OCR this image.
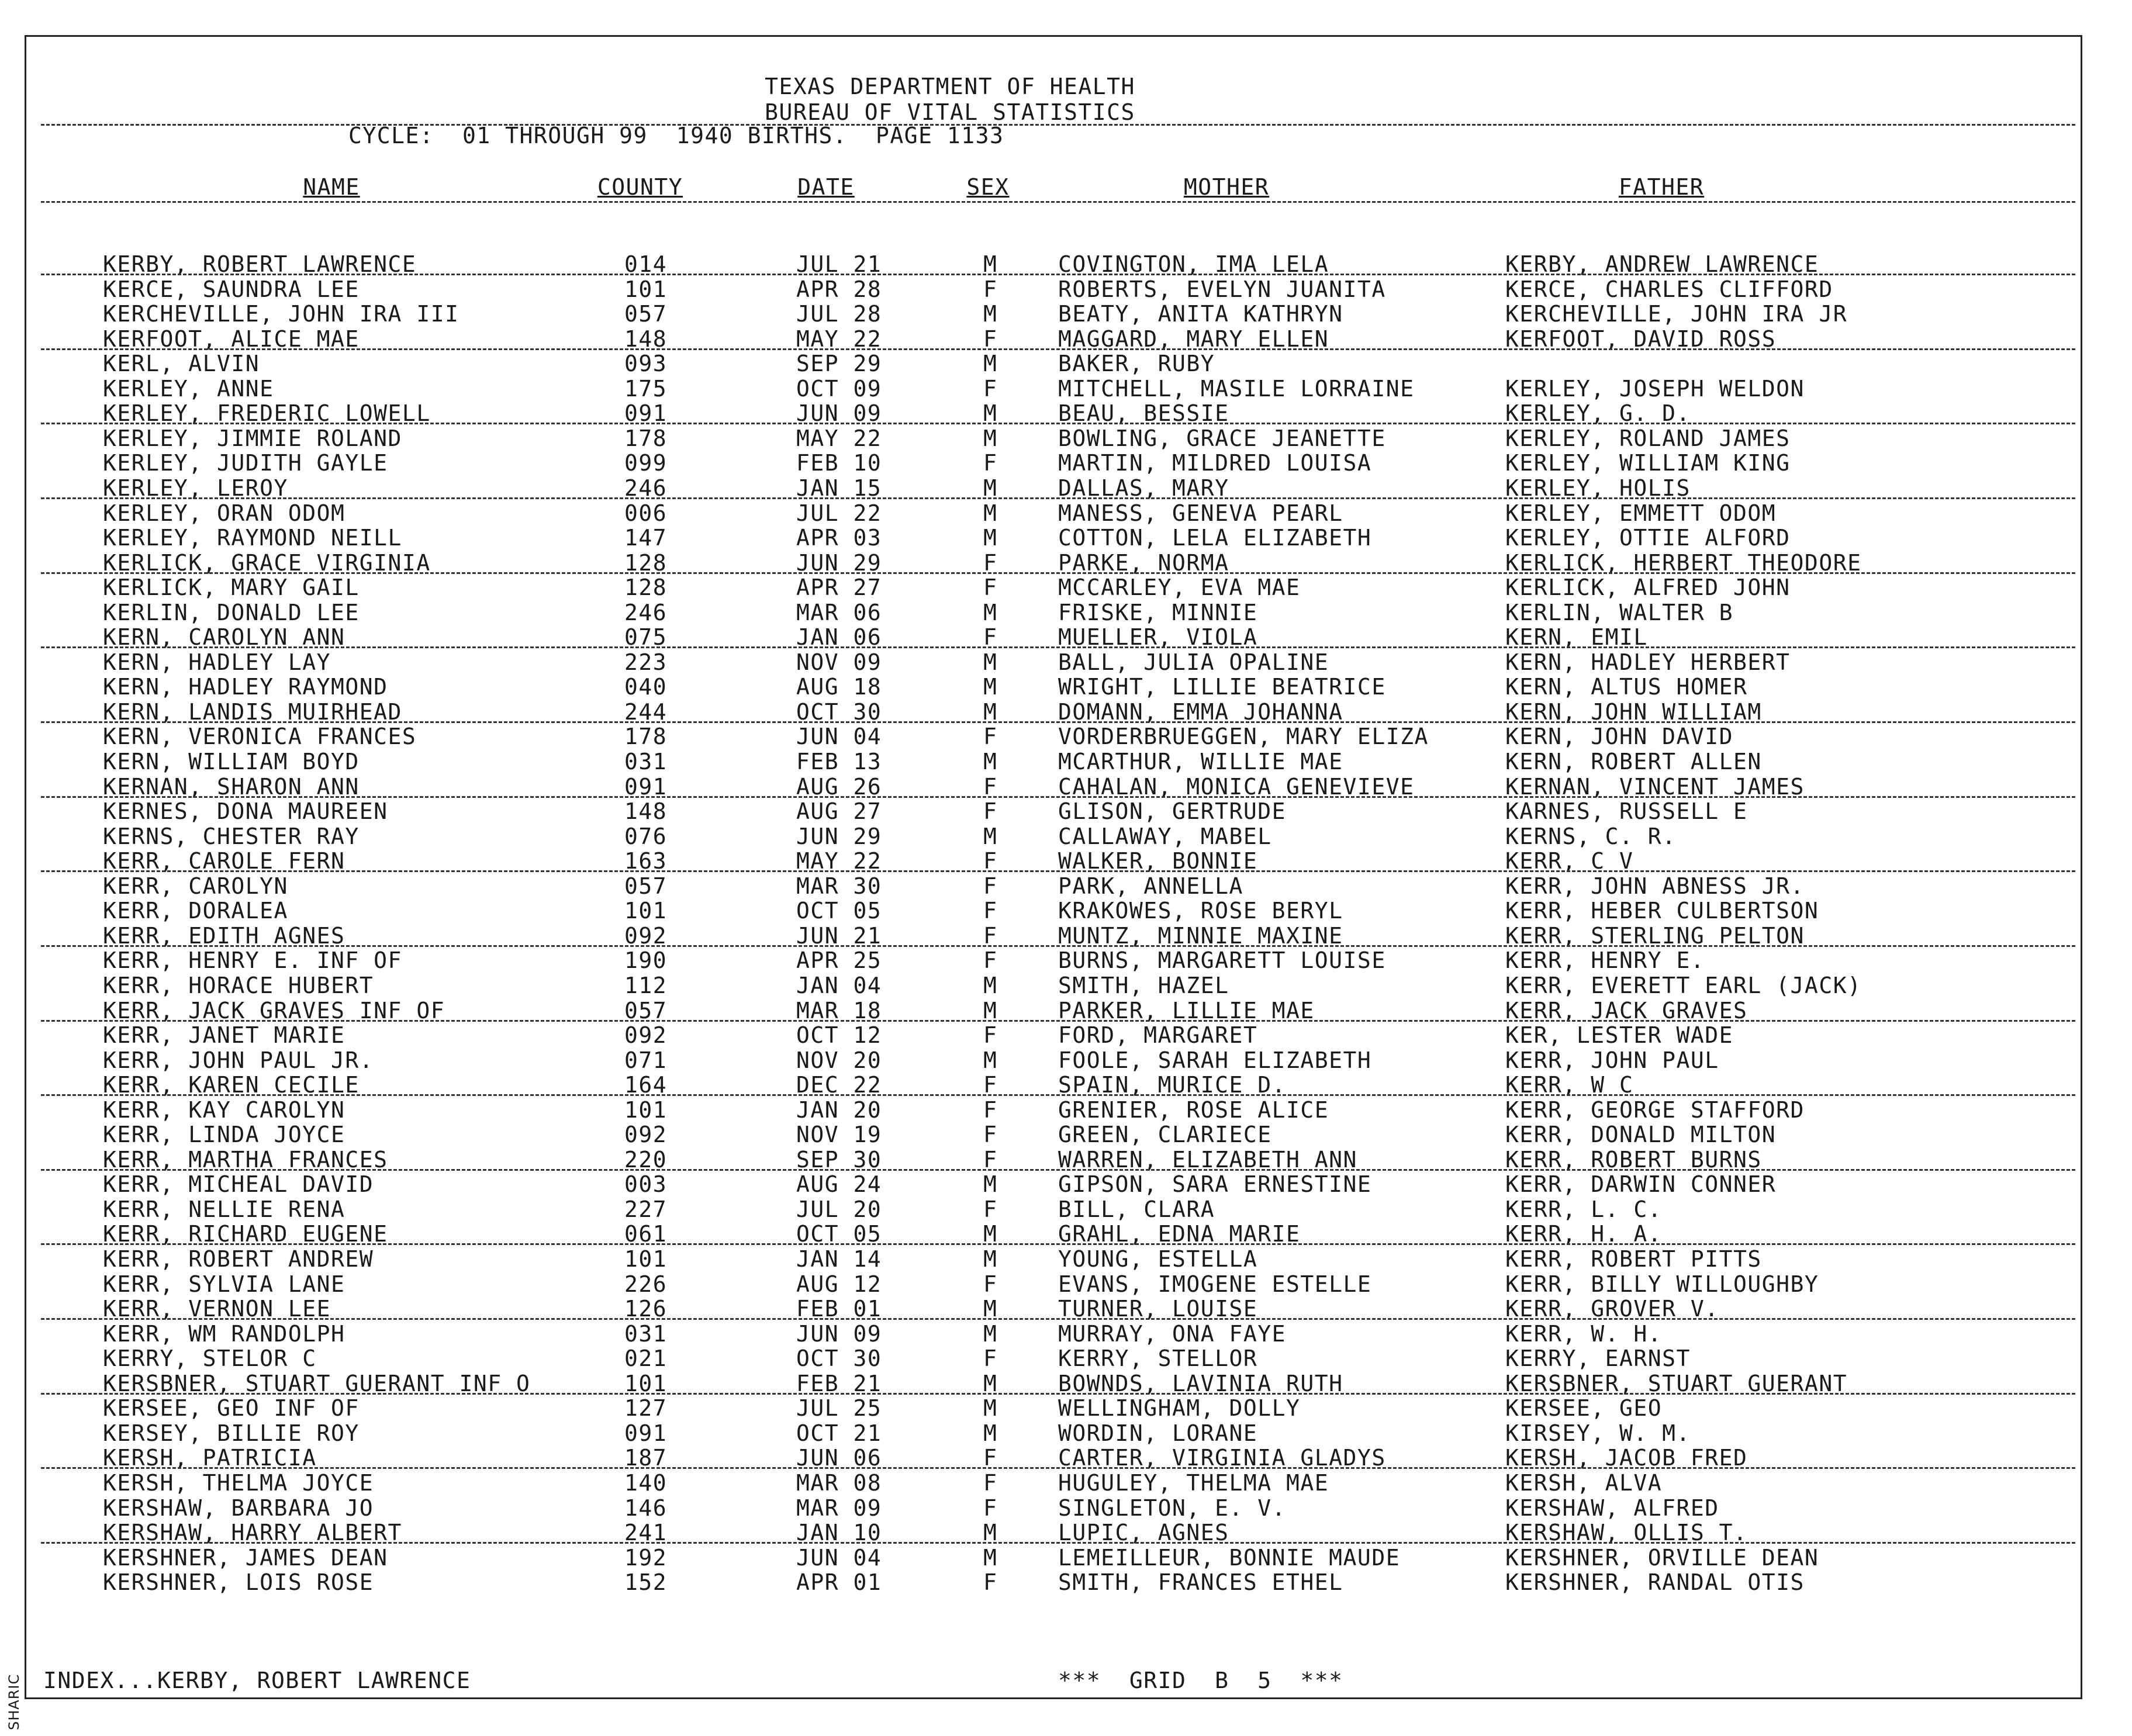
TEXAS DEPARTMENT OF HEALTH
BUREAU OF VITAL STATISTICS
CYCLE:  01 THROUGH 99  1940 BIRTHS.  PAGE 1133
NAME	COUNTY	DATE	SEX	MOTHER	FATHER
KERBY, ROBERT LAWRENCE	014	JUL 21	M	COVINGTON, IMA LELA	KERBY, ANDREW LAWRENCE
KERCE, SAUNDRA LEE	101	APR 28	F	ROBERTS, EVELYN JUANITA	KERCE, CHARLES CLIFFORD
KERCHEVILLE, JOHN IRA III	057	JUL 28	M	BEATY, ANITA KATHRYN	KERCHEVILLE, JOHN IRA JR
KERFOOT, ALICE MAE	148	MAY 22	F	MAGGARD, MARY ELLEN	KERFOOT, DAVID ROSS
KERL, ALVIN	093	SEP 29	M	BAKER, RUBY
KERLEY, ANNE	175	OCT 09	F	MITCHELL, MASILE LORRAINE	KERLEY, JOSEPH WELDON
KERLEY, FREDERIC LOWELL	091	JUN 09	M	BEAU, BESSIE	KERLEY, G. D.
KERLEY, JIMMIE ROLAND	178	MAY 22	M	BOWLING, GRACE JEANETTE	KERLEY, ROLAND JAMES
KERLEY, JUDITH GAYLE	099	FEB 10	F	MARTIN, MILDRED LOUISA	KERLEY, WILLIAM KING
KERLEY, LEROY	246	JAN 15	M	DALLAS, MARY	KERLEY, HOLIS
KERLEY, ORAN ODOM	006	JUL 22	M	MANESS, GENEVA PEARL	KERLEY, EMMETT ODOM
KERLEY, RAYMOND NEILL	147	APR 03	M	COTTON, LELA ELIZABETH	KERLEY, OTTIE ALFORD
KERLICK, GRACE VIRGINIA	128	JUN 29	F	PARKE, NORMA	KERLICK, HERBERT THEODORE
KERLICK, MARY GAIL	128	APR 27	F	MCCARLEY, EVA MAE	KERLICK, ALFRED JOHN
KERLIN, DONALD LEE	246	MAR 06	M	FRISKE, MINNIE	KERLIN, WALTER B
KERN, CAROLYN ANN	075	JAN 06	F	MUELLER, VIOLA	KERN, EMIL
KERN, HADLEY LAY	223	NOV 09	M	BALL, JULIA OPALINE	KERN, HADLEY HERBERT
KERN, HADLEY RAYMOND	040	AUG 18	M	WRIGHT, LILLIE BEATRICE	KERN, ALTUS HOMER
KERN, LANDIS MUIRHEAD	244	OCT 30	M	DOMANN, EMMA JOHANNA	KERN, JOHN WILLIAM
KERN, VERONICA FRANCES	178	JUN 04	F	VORDERBRUEGGEN, MARY ELIZA	KERN, JOHN DAVID
KERN, WILLIAM BOYD	031	FEB 13	M	MCARTHUR, WILLIE MAE	KERN, ROBERT ALLEN
KERNAN, SHARON ANN	091	AUG 26	F	CAHALAN, MONICA GENEVIEVE	KERNAN, VINCENT JAMES
KERNES, DONA MAUREEN	148	AUG 27	F	GLISON, GERTRUDE	KARNES, RUSSELL E
KERNS, CHESTER RAY	076	JUN 29	M	CALLAWAY, MABEL	KERNS, C. R.
KERR, CAROLE FERN	163	MAY 22	F	WALKER, BONNIE	KERR, C V
KERR, CAROLYN	057	MAR 30	F	PARK, ANNELLA	KERR, JOHN ABNESS JR.
KERR, DORALEA	101	OCT 05	F	KRAKOWES, ROSE BERYL	KERR, HEBER CULBERTSON
KERR, EDITH AGNES	092	JUN 21	F	MUNTZ, MINNIE MAXINE	KERR, STERLING PELTON
KERR, HENRY E. INF OF	190	APR 25	F	BURNS, MARGARETT LOUISE	KERR, HENRY E.
KERR, HORACE HUBERT	112	JAN 04	M	SMITH, HAZEL	KERR, EVERETT EARL (JACK)
KERR, JACK GRAVES INF OF	057	MAR 18	M	PARKER, LILLIE MAE	KERR, JACK GRAVES
KERR, JANET MARIE	092	OCT 12	F	FORD, MARGARET	KER, LESTER WADE
KERR, JOHN PAUL JR.	071	NOV 20	M	FOOLE, SARAH ELIZABETH	KERR, JOHN PAUL
KERR, KAREN CECILE	164	DEC 22	F	SPAIN, MURICE D.	KERR, W C
KERR, KAY CAROLYN	101	JAN 20	F	GRENIER, ROSE ALICE	KERR, GEORGE STAFFORD
KERR, LINDA JOYCE	092	NOV 19	F	GREEN, CLARIECE	KERR, DONALD MILTON
KERR, MARTHA FRANCES	220	SEP 30	F	WARREN, ELIZABETH ANN	KERR, ROBERT BURNS
KERR, MICHEAL DAVID	003	AUG 24	M	GIPSON, SARA ERNESTINE	KERR, DARWIN CONNER
KERR, NELLIE RENA	227	JUL 20	F	BILL, CLARA	KERR, L. C.
KERR, RICHARD EUGENE	061	OCT 05	M	GRAHL, EDNA MARIE	KERR, H. A.
KERR, ROBERT ANDREW	101	JAN 14	M	YOUNG, ESTELLA	KERR, ROBERT PITTS
KERR, SYLVIA LANE	226	AUG 12	F	EVANS, IMOGENE ESTELLE	KERR, BILLY WILLOUGHBY
KERR, VERNON LEE	126	FEB 01	M	TURNER, LOUISE	KERR, GROVER V.
KERR, WM RANDOLPH	031	JUN 09	M	MURRAY, ONA FAYE	KERR, W. H.
KERRY, STELOR C	021	OCT 30	F	KERRY, STELLOR	KERRY, EARNST
KERSBNER, STUART GUERANT INF O	101	FEB 21	M	BOWNDS, LAVINIA RUTH	KERSBNER, STUART GUERANT
KERSEE, GEO INF OF	127	JUL 25	M	WELLINGHAM, DOLLY	KERSEE, GEO
KERSEY, BILLIE ROY	091	OCT 21	M	WORDIN, LORANE	KIRSEY, W. M.
KERSH, PATRICIA	187	JUN 06	F	CARTER, VIRGINIA GLADYS	KERSH, JACOB FRED
KERSH, THELMA JOYCE	140	MAR 08	F	HUGULEY, THELMA MAE	KERSH, ALVA
KERSHAW, BARBARA JO	146	MAR 09	F	SINGLETON, E. V.	KERSHAW, ALFRED
KERSHAW, HARRY ALBERT	241	JAN 10	M	LUPIC, AGNES	KERSHAW, OLLIS T.
KERSHNER, JAMES DEAN	192	JUN 04	M	LEMEILLEUR, BONNIE MAUDE	KERSHNER, ORVILLE DEAN
KERSHNER, LOIS ROSE	152	APR 01	F	SMITH, FRANCES ETHEL	KERSHNER, RANDAL OTIS
INDEX...KERBY, ROBERT LAWRENCE	***  GRID  B  5  ***
SHARIC
